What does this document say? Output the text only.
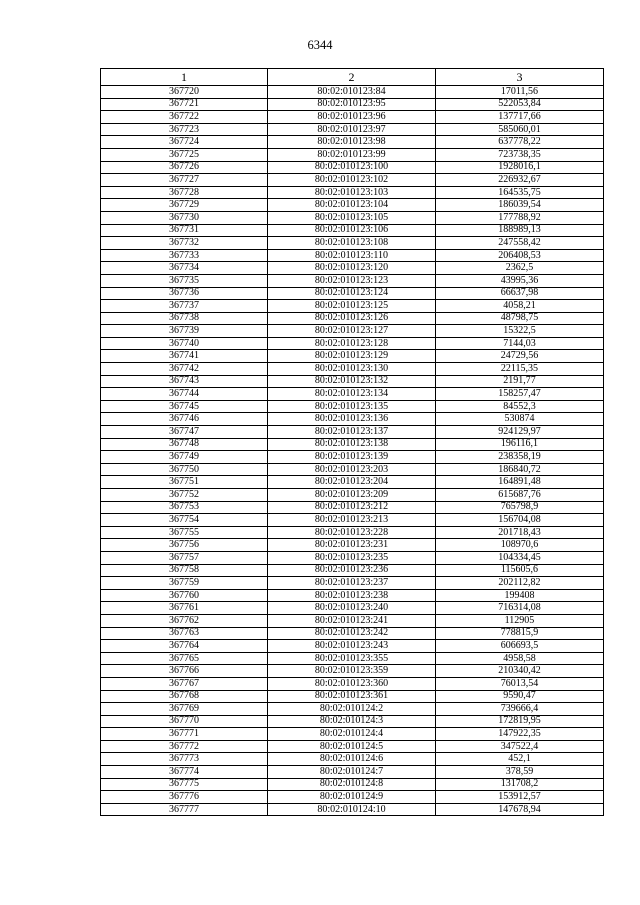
6344
1	2	3
367720	80:02:010123:84	17011,56
367721	80:02:010123:95	522053,84
367722	80:02:010123:96	137717,66
367723	80:02:010123:97	585060,01
367724	80:02:010123:98	637778,22
367725	80:02:010123:99	723738,35
367726	80:02:010123:100	1928016,1
367727	80:02:010123:102	226932,67
367728	80:02:010123:103	164535,75
367729	80:02:010123:104	186039,54
367730	80:02:010123:105	177788,92
367731	80:02:010123:106	188989,13
367732	80:02:010123:108	247558,42
367733	80:02:010123:110	206408,53
367734	80:02:010123:120	2362,5
367735	80:02:010123:123	43995,36
367736	80:02:010123:124	66637,98
367737	80:02:010123:125	4058,21
367738	80:02:010123:126	48798,75
367739	80:02:010123:127	15322,5
367740	80:02:010123:128	7144,03
367741	80:02:010123:129	24729,56
367742	80:02:010123:130	22115,35
367743	80:02:010123:132	2191,77
367744	80:02:010123:134	158257,47
367745	80:02:010123:135	84552,3
367746	80:02:010123:136	530874
367747	80:02:010123:137	924129,97
367748	80:02:010123:138	196116,1
367749	80:02:010123:139	238358,19
367750	80:02:010123:203	186840,72
367751	80:02:010123:204	164891,48
367752	80:02:010123:209	615687,76
367753	80:02:010123:212	765798,9
367754	80:02:010123:213	156704,08
367755	80:02:010123:228	201718,43
367756	80:02:010123:231	108970,6
367757	80:02:010123:235	104334,45
367758	80:02:010123:236	115605,6
367759	80:02:010123:237	202112,82
367760	80:02:010123:238	199408
367761	80:02:010123:240	716314,08
367762	80:02:010123:241	112905
367763	80:02:010123:242	778815,9
367764	80:02:010123:243	606693,5
367765	80:02:010123:355	4958,58
367766	80:02:010123:359	210340,42
367767	80:02:010123:360	76013,54
367768	80:02:010123:361	9590,47
367769	80:02:010124:2	739666,4
367770	80:02:010124:3	172819,95
367771	80:02:010124:4	147922,35
367772	80:02:010124:5	347522,4
367773	80:02:010124:6	452,1
367774	80:02:010124:7	378,59
367775	80:02:010124:8	131708,2
367776	80:02:010124:9	153912,57
367777	80:02:010124:10	147678,94
